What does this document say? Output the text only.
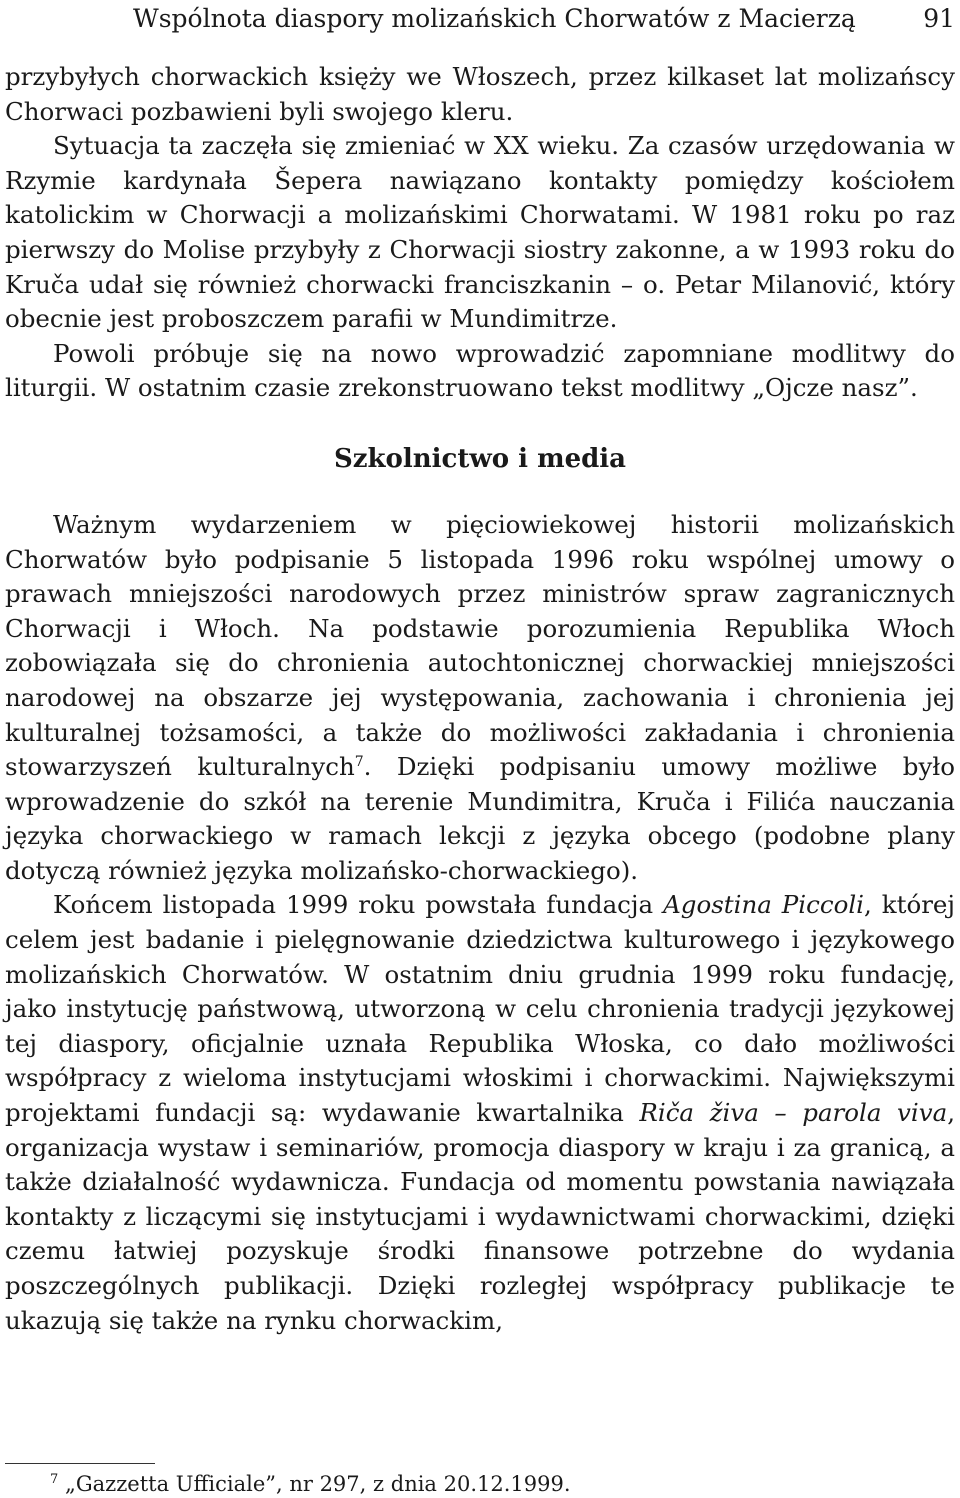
Wspólnota diaspory molizańskich Chorwatów z Macierzą	91

przybyłych chorwackich księży we Włoszech, przez kilkaset lat molizańscy Chorwaci pozbawieni byli swojego kleru.

Sytuacja ta zaczęła się zmieniać w XX wieku. Za czasów urzędowania w Rzymie kardynała Šepera nawiązano kontakty pomiędzy kościołem katolickim w Chorwacji a molizańskimi Chorwatami. W 1981 roku po raz pierwszy do Molise przybyły z Chorwacji siostry zakonne, a w 1993 roku do Kruča udał się również chorwacki franciszkanin – o. Petar Milanović, który obecnie jest proboszczem parafii w Mundimitrze.

Powoli próbuje się na nowo wprowadzić zapomniane modlitwy do liturgii. W ostatnim czasie zrekonstruowano tekst modlitwy „Ojcze nasz”.

Szkolnictwo i media

Ważnym wydarzeniem w pięciowiekowej historii molizańskich Chorwatów było podpisanie 5 listopada 1996 roku wspólnej umowy o prawach mniejszości narodowych przez ministrów spraw zagranicznych Chorwacji i Włoch. Na podstawie porozumienia Republika Włoch zobowiązała się do chronienia autochtonicznej chorwackiej mniejszości narodowej na obszarze jej występowania, zachowania i chronienia jej kulturalnej tożsamości, a także do możliwości zakładania i chronienia stowarzyszeń kulturalnych$^7$. Dzięki podpisaniu umowy możliwe było wprowadzenie do szkół na terenie Mundimitra, Kruča i Filića nauczania języka chorwackiego w ramach lekcji z języka obcego (podobne plany dotyczą również języka molizańsko-chorwackiego).

Końcem listopada 1999 roku powstała fundacja Agostina Piccoli, której celem jest badanie i pielęgnowanie dziedzictwa kulturowego i językowego molizańskich Chorwatów. W ostatnim dniu grudnia 1999 roku fundację, jako instytucję państwową, utworzoną w celu chronienia tradycji językowej tej diaspory, oficjalnie uznała Republika Włoska, co dało możliwości współpracy z wieloma instytucjami włoskimi i chorwackimi. Największymi projektami fundacji są: wydawanie kwartalnika Riča živa – parola viva, organizacja wystaw i seminariów, promocja diaspory w kraju i za granicą, a także działalność wydawnicza. Fundacja od momentu powstania nawiązała kontakty z liczącymi się instytucjami i wydawnictwami chorwackimi, dzięki czemu łatwiej pozyskuje środki finansowe potrzebne do wydania poszczególnych publikacji. Dzięki rozległej współpracy publikacje te ukazują się także na rynku chorwackim,

$^7$ „Gazzetta Ufficiale”, nr 297, z dnia 20.12.1999.
